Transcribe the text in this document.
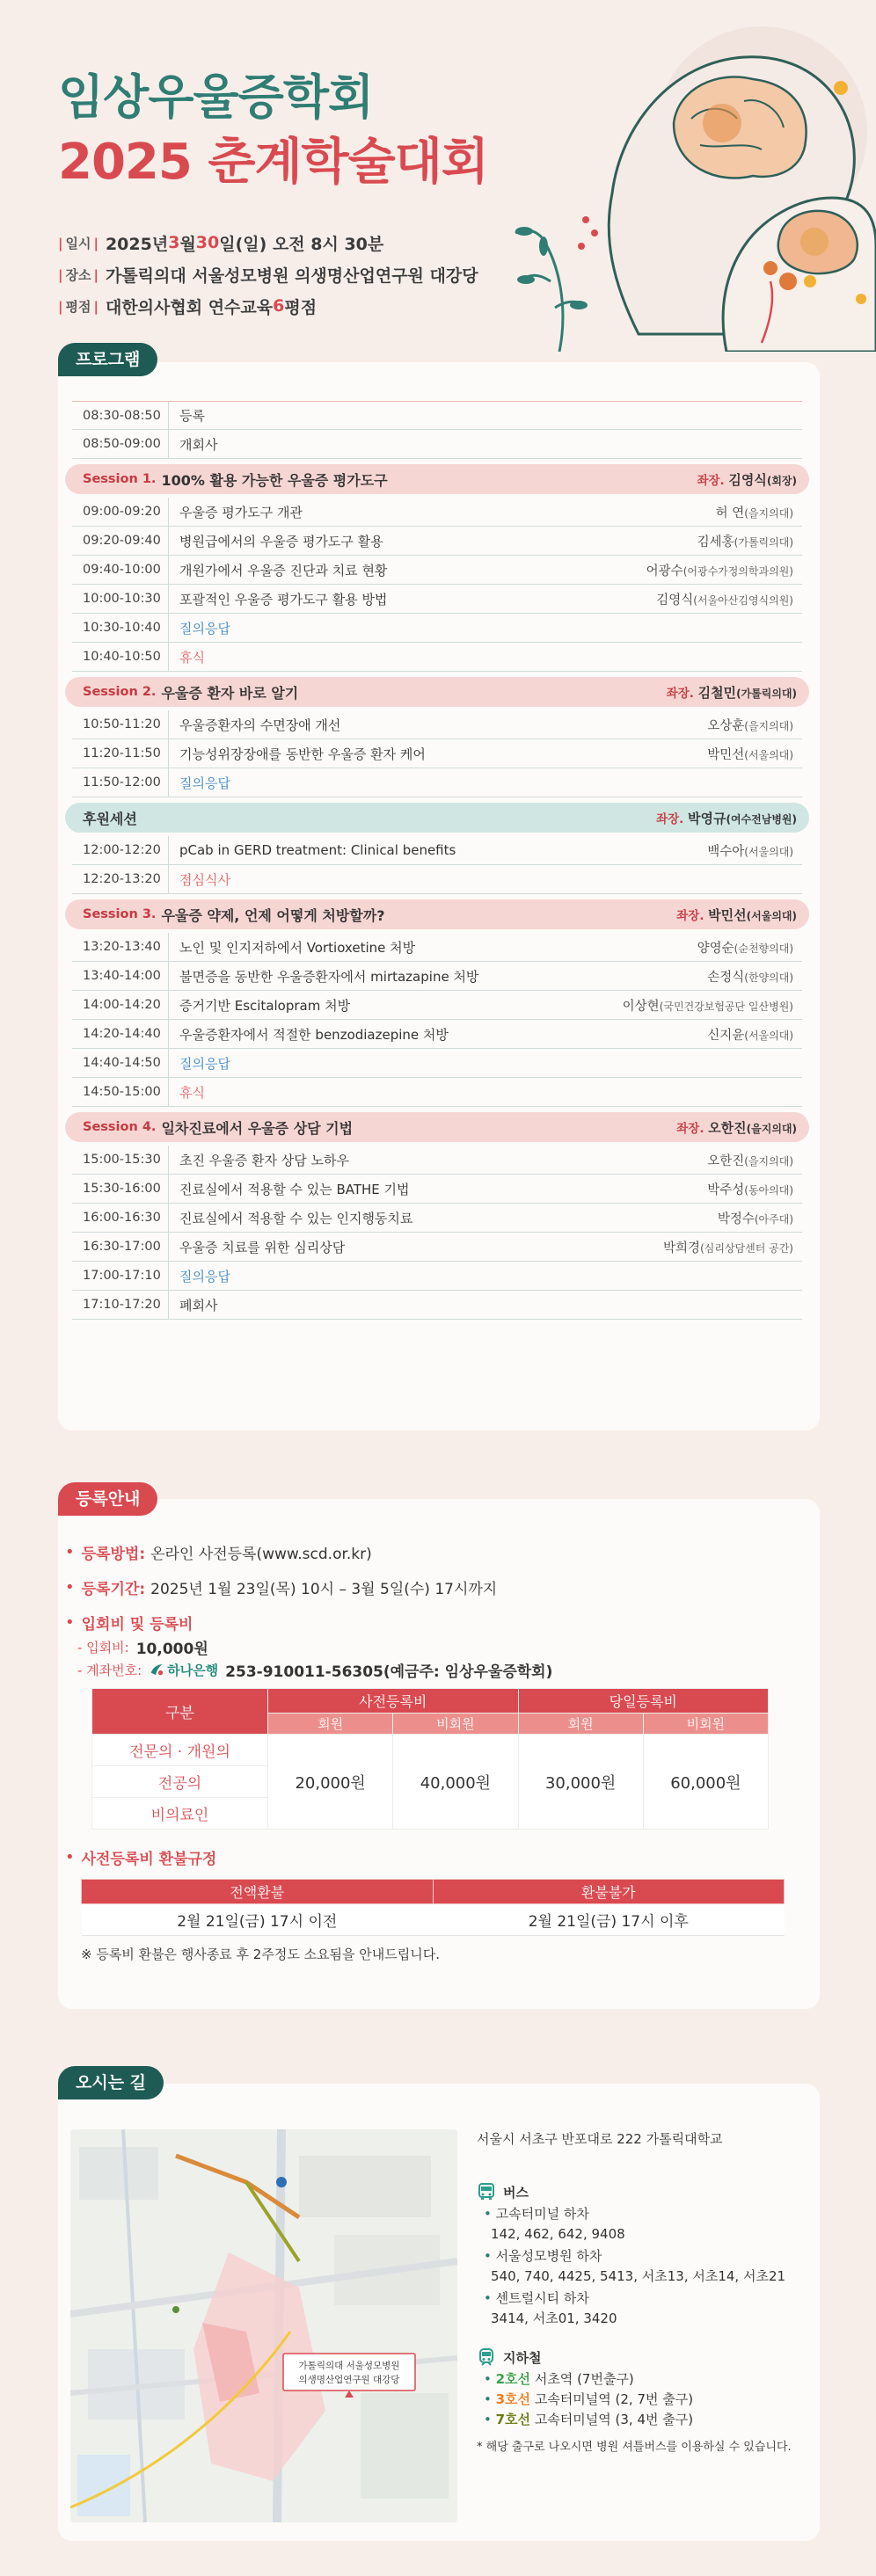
임상우울증학회
2025 춘계학술대회
| 일시 | 2025년 3 월 30 일(일) 오전 8시 30분
| 장소 | 가톨릭의대 서울성모병원 의생명산업연구원 대강당
| 평점 | 대한의사협회 연수교육 6 평점
프로그램
08:30-08:50	등록
08:50-09:00	개회사
Session 1. 100% 활용 가능한 우울증 평가도구	좌장. 김영식(회장)
09:00-09:20	우울증 평가도구 개관	허 연(을지의대)
09:20-09:40	병원급에서의 우울증 평가도구 활용	김세홍(가톨릭의대)
09:40-10:00	개원가에서 우울증 진단과 치료 현황	어광수(어광수가정의학과의원)
10:00-10:30	포괄적인 우울증 평가도구 활용 방법	김영식(서울아산김영식의원)
10:30-10:40	질의응답
10:40-10:50	휴식
Session 2. 우울증 환자 바로 알기	좌장. 김철민(가톨릭의대)
10:50-11:20	우울증환자의 수면장애 개선	오상훈(을지의대)
11:20-11:50	기능성위장장애를 동반한 우울증 환자 케어	박민선(서울의대)
11:50-12:00	질의응답
후원세션	좌장. 박영규(여수전남병원)
12:00-12:20	pCab in GERD treatment: Clinical benefits	백수아(서울의대)
12:20-13:20	점심식사
Session 3. 우울증 약제, 언제 어떻게 처방할까?	좌장. 박민선(서울의대)
13:20-13:40	노인 및 인지저하에서 Vortioxetine 처방	양영순(순천향의대)
13:40-14:00	불면증을 동반한 우울증환자에서 mirtazapine 처방	손정식(한양의대)
14:00-14:20	증거기반 Escitalopram 처방	이상현(국민건강보험공단 일산병원)
14:20-14:40	우울증환자에서 적절한 benzodiazepine 처방	신지윤(서울의대)
14:40-14:50	질의응답
14:50-15:00	휴식
Session 4. 일차진료에서 우울증 상담 기법	좌장. 오한진(을지의대)
15:00-15:30	초진 우울증 환자 상담 노하우	오한진(을지의대)
15:30-16:00	진료실에서 적용할 수 있는 BATHE 기법	박주성(동아의대)
16:00-16:30	진료실에서 적용할 수 있는 인지행동치료	박정수(아주대)
16:30-17:00	우울증 치료를 위한 심리상담	박희경(심리상담센터 공간)
17:00-17:10	질의응답
17:10-17:20	폐회사
등록안내
• 등록방법: 온라인 사전등록(www.scd.or.kr)
• 등록기간: 2025년 1월 23일(목) 10시 – 3월 5일(수) 17시까지
• 입회비 및 등록비
- 입회비: 10,000원
- 계좌번호: 하나은행 253-910011-56305(예금주: 임상우울증학회)
구분	사전등록비		당일등록비	
	회원	비회원	회원	비회원
전문의 · 개원의	20,000원	40,000원	30,000원	60,000원
전공의				
비의료인				
• 사전등록비 환불규정
전액환불	환불불가
2월 21일(금) 17시 이전	2월 21일(금) 17시 이후
※ 등록비 환불은 행사종료 후 2주정도 소요됨을 안내드립니다.
오시는 길
가톨릭의대 서울성모병원
의생명산업연구원 대강당
서울시 서초구 반포대로 222 가톨릭대학교
버스
• 고속터미널 하차
142, 462, 642, 9408
• 서울성모병원 하차
540, 740, 4425, 5413, 서초13, 서초14, 서초21
• 센트럴시티 하차
3414, 서초01, 3420
지하철
• 2호선 서초역 (7번출구)
• 3호선 고속터미널역 (2, 7번 출구)
• 7호선 고속터미널역 (3, 4번 출구)
* 해당 출구로 나오시면 병원 셔틀버스를 이용하실 수 있습니다.
